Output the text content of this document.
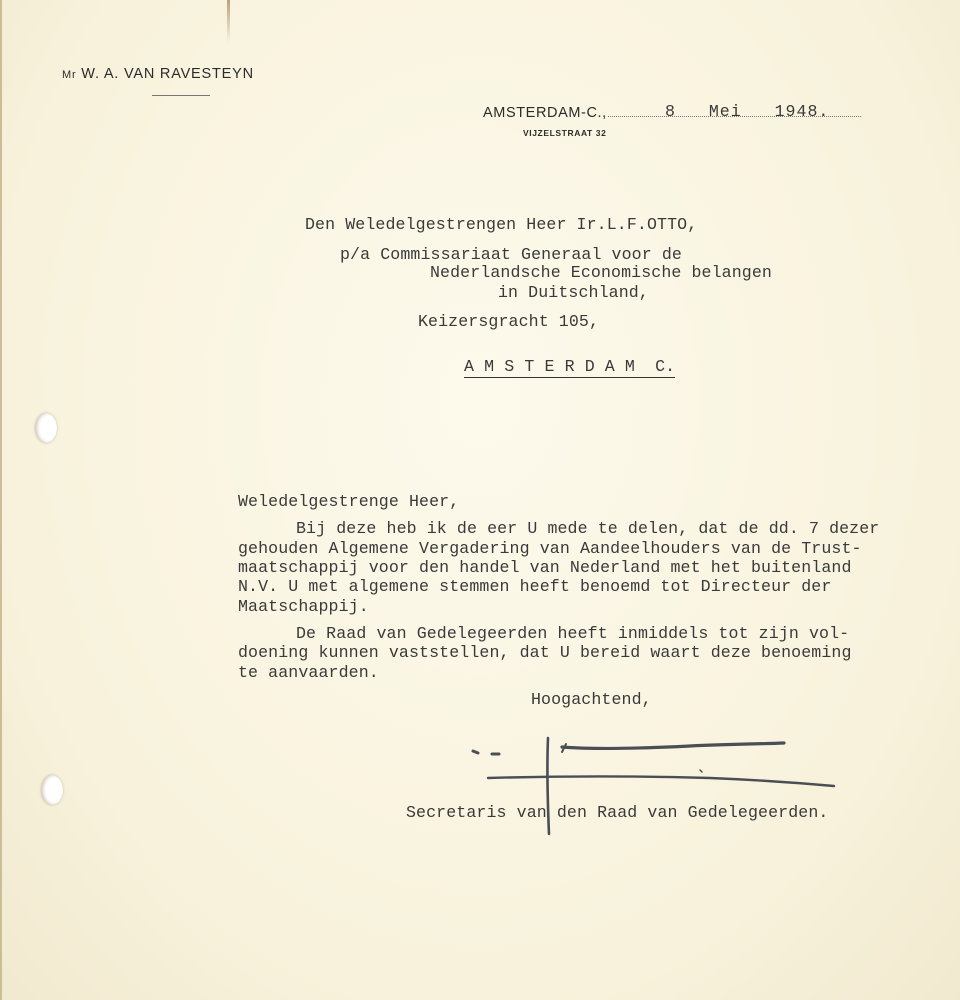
Mr W. A. VAN RAVESTEYN
AMSTERDAM-C.,
VIJZELSTRAAT 32
8 Mei 1948.
Den Weledelgestrengen Heer Ir.L.F.OTTO,
p/a Commissariaat Generaal voor de
Nederlandsche Economische belangen
in Duitschland,
Keizersgracht 105,
A M S T E R D A M  C.
Weledelgestrenge Heer,
Bij deze heb ik de eer U mede te delen, dat de dd. 7 dezer
gehouden Algemene Vergadering van Aandeelhouders van de Trust-
maatschappij voor den handel van Nederland met het buitenland
N.V. U met algemene stemmen heeft benoemd tot Directeur der
Maatschappij.
De Raad van Gedelegeerden heeft inmiddels tot zijn vol-
doening kunnen vaststellen, dat U bereid waart deze benoeming
te aanvaarden.
Hoogachtend,
Secretaris van den Raad van Gedelegeerden.
